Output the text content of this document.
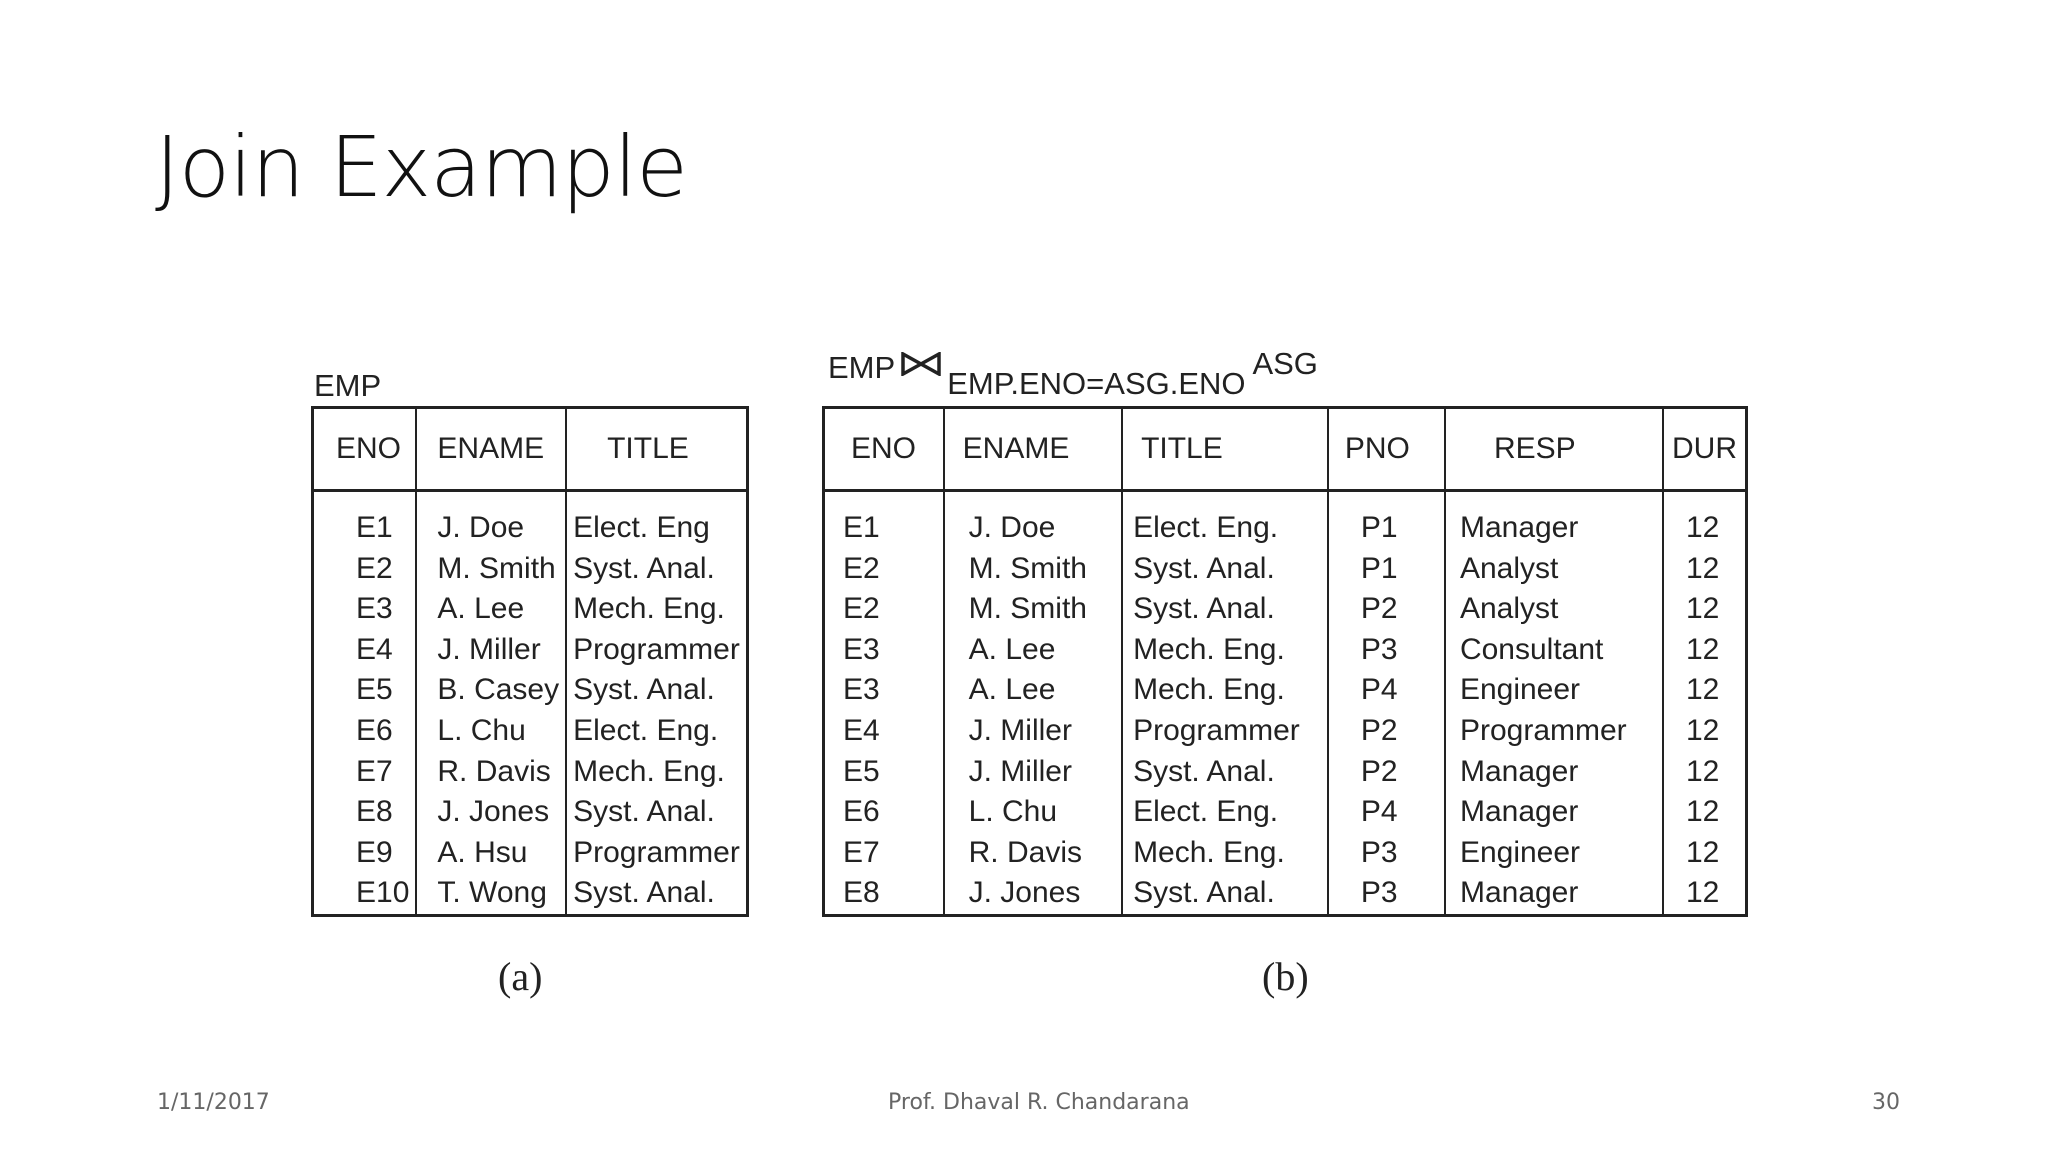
Join Example
EMP
ENO	ENAME	TITLE
E1	J. Doe	Elect. Eng
E2	M. Smith	Syst. Anal.
E3	A. Lee	Mech. Eng.
E4	J. Miller	Programmer
E5	B. Casey	Syst. Anal.
E6	L. Chu	Elect. Eng.
E7	R. Davis	Mech. Eng.
E8	J. Jones	Syst. Anal.
E9	A. Hsu	Programmer
E10	T. Wong	Syst. Anal.
EMP EMP.ENO=ASG.ENO ASG
ENO	ENAME	TITLE	PNO	RESP	DUR
E1	J. Doe	Elect. Eng.	P1	Manager	12
E2	M. Smith	Syst. Anal.	P1	Analyst	12
E2	M. Smith	Syst. Anal.	P2	Analyst	12
E3	A. Lee	Mech. Eng.	P3	Consultant	12
E3	A. Lee	Mech. Eng.	P4	Engineer	12
E4	J. Miller	Programmer	P2	Programmer	12
E5	J. Miller	Syst. Anal.	P2	Manager	12
E6	L. Chu	Elect. Eng.	P4	Manager	12
E7	R. Davis	Mech. Eng.	P3	Engineer	12
E8	J. Jones	Syst. Anal.	P3	Manager	12
(a)	(b)
1/11/2017	Prof. Dhaval R. Chandarana	30
